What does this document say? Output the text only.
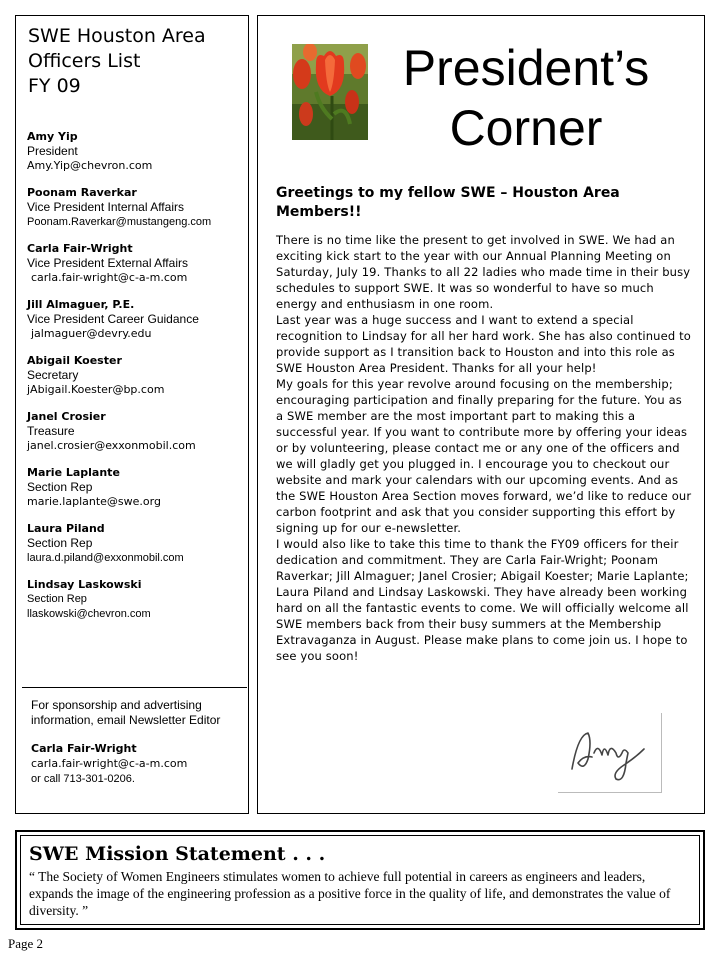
SWE Houston Area
Officers List
FY 09
Amy Yip
President
Amy.Yip@chevron.com
Poonam Raverkar
Vice President Internal Affairs
Poonam.Raverkar@mustangeng.com
Carla Fair-Wright
Vice President External Affairs
carla.fair-wright@c-a-m.com
Jill Almaguer, P.E.
Vice President Career Guidance
jalmaguer@devry.edu
Abigail Koester
Secretary
jAbigail.Koester@bp.com
Janel Crosier
Treasure
janel.crosier@exxonmobil.com
Marie Laplante
Section Rep
marie.laplante@swe.org
Laura Piland
Section Rep
laura.d.piland@exxonmobil.com
Lindsay Laskowski
Section Rep
llaskowski@chevron.com
For sponsorship and advertising information, email Newsletter Editor
Carla Fair-Wright
carla.fair-wright@c-a-m.com
or call 713-301-0206.
President’s
Corner
Greetings to my fellow SWE – Houston Area Members!!

There is no time like the present to get involved in SWE. We had an exciting kick start to the year with our Annual Planning Meeting on Saturday, July 19. Thanks to all 22 ladies who made time in their busy schedules to support SWE. It was so wonderful to have so much energy and enthusiasm in one room.

Last year was a huge success and I want to extend a special recognition to Lindsay for all her hard work. She has also continued to provide support as I transition back to Houston and into this role as SWE Houston Area President. Thanks for all your help!

My goals for this year revolve around focusing on the membership; encouraging participation and finally preparing for the future. You as a SWE member are the most important part to making this a successful year. If you want to contribute more by offering your ideas or by volunteering, please contact me or any one of the officers and we will gladly get you plugged in. I encourage you to checkout our website and mark your calendars with our upcoming events. And as the SWE Houston Area Section moves forward, we’d like to reduce our carbon footprint and ask that you consider supporting this effort by signing up for our e-newsletter.

I would also like to take this time to thank the FY09 officers for their dedication and commitment. They are Carla Fair-Wright; Poonam Raverkar; Jill Almaguer; Janel Crosier; Abigail Koester; Marie Laplante; Laura Piland and Lindsay Laskowski. They have already been working hard on all the fantastic events to come. We will officially welcome all SWE members back from their busy summers at the Membership Extravaganza in August. Please make plans to come join us. I hope to see you soon!

SWE Mission Statement . . .
“ The Society of Women Engineers stimulates women to achieve full potential in careers as engineers and leaders, expands the image of the engineering profession as a positive force in the quality of life, and demonstrates the value of diversity. ”
Page 2
